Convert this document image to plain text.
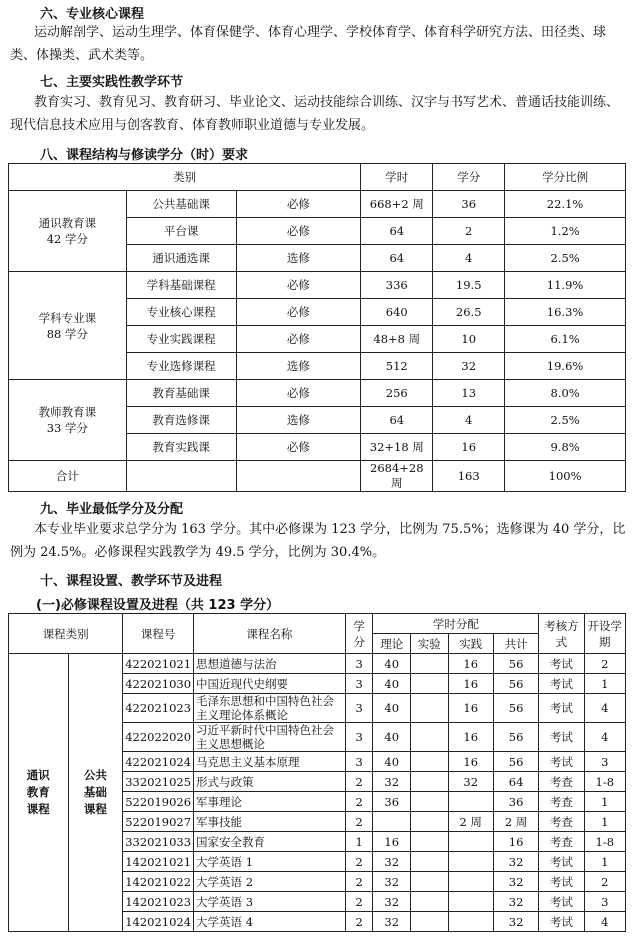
六、专业核心课程

运动解剖学、运动生理学、体育保健学、体育心理学、学校体育学、体育科学研究方法、田径类、球类、体操类、武术类等。

七、主要实践性教学环节

教育实习、教育见习、教育研习、毕业论文、运动技能综合训练、汉字与书写艺术、普通话技能训练、现代信息技术应用与创客教育、体育教师职业道德与专业发展。

八、课程结构与修读学分（时）要求
类别			学时	学分	学分比例

通识教育课
42 学分	公共基础课	必修	668+2 周	36	22.1%
	平台课	必修	64	2	1.2%
	通识通选课	选修	64	4	2.5%

学科专业课
88 学分	学科基础课程	必修	336	19.5	11.9%
	专业核心课程	必修	640	26.5	16.3%
	专业实践课程	必修	48+8 周	10	6.1%
	专业选修课程	选修	512	32	19.6%

教师教育课
33 学分	教育基础课	必修	256	13	8.0%
	教育选修课	选修	64	4	2.5%
	教育实践课	必修	32+18 周	16	9.8%
合计			2684+28 周	163	100%
九、毕业最低学分及分配

本专业毕业要求总学分为 163 学分。其中必修课为 123 学分，比例为 75.5%；选修课为 40 学分，比例为 24.5%。必修课程实践教学为 49.5 学分，比例为 30.4%。

十、课程设置、教学环节及进程
(一)必修课程设置及进程（共 123 学分）
课程类别		课程号	课程名称	学分	学时分配				考核方式	开设学期
					理论	实验	实践	共计		
通识教育课程	公共基础课程	422021021	思想道德与法治	3	40		16	56	考试	2
		422021030	中国近现代史纲要	3	40		16	56	考试	1
		422021023	毛泽东思想和中国特色社会主义理论体系概论	3	40		16	56	考试	4
		422022020	习近平新时代中国特色社会主义思想概论	3	40		16	56	考试	4
		422021024	马克思主义基本原理	3	40		16	56	考试	3
		332021025	形式与政策	2	32		32	64	考查	1-8
		522019026	军事理论	2	36			36	考查	1
		522019027	军事技能	2			2 周	2 周	考查	1
		332021033	国家安全教育	1	16			16	考查	1-8
		142021021	大学英语 1	2	32			32	考试	1
		142021022	大学英语 2	2	32			32	考试	2
		142021023	大学英语 3	2	32			32	考试	3
		142021024	大学英语 4	2	32			32	考试	4
